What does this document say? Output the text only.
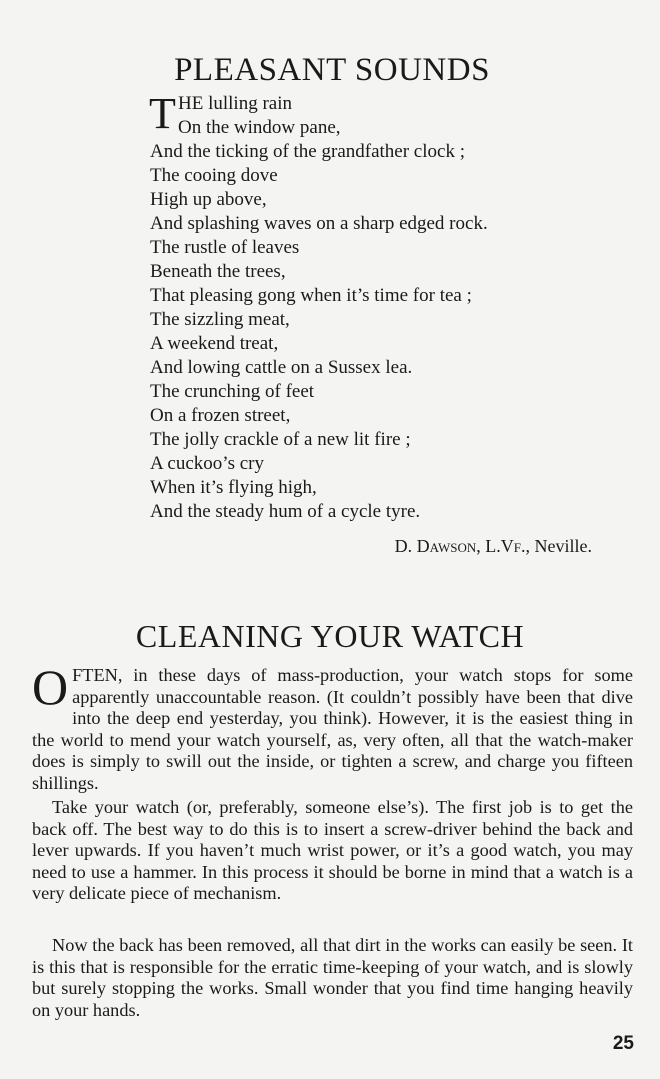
PLEASANT SOUNDS
T HE lulling rain
On the window pane,
And the ticking of the grandfather clock ;
The cooing dove
High up above,
And splashing waves on a sharp edged rock.
The rustle of leaves
Beneath the trees,
That pleasing gong when it’s time for tea ;
The sizzling meat,
A weekend treat,
And lowing cattle on a Sussex lea.
The crunching of feet
On a frozen street,
The jolly crackle of a new lit fire ;
A cuckoo’s cry
When it’s flying high,
And the steady hum of a cycle tyre.
D. Dawson, L.Vf., Neville.
CLEANING YOUR WATCH

OFTEN, in these days of mass-production, your watch stops for some apparently unaccountable reason. (It couldn’t possibly have been that dive into the deep end yesterday, you think). However, it is the easiest thing in the world to mend your watch yourself, as, very often, all that the watch-maker does is simply to swill out the inside, or tighten a screw, and charge you fifteen shillings.

Take your watch (or, preferably, someone else’s). The first job is to get the back off. The best way to do this is to insert a screw-driver behind the back and lever upwards. If you haven’t much wrist power, or it’s a good watch, you may need to use a hammer. In this process it should be borne in mind that a watch is a very delicate piece of mechanism.

Now the back has been removed, all that dirt in the works can easily be seen. It is this that is responsible for the erratic time-keeping of your watch, and is slowly but surely stopping the works. Small wonder that you find time hanging heavily on your hands.

25
